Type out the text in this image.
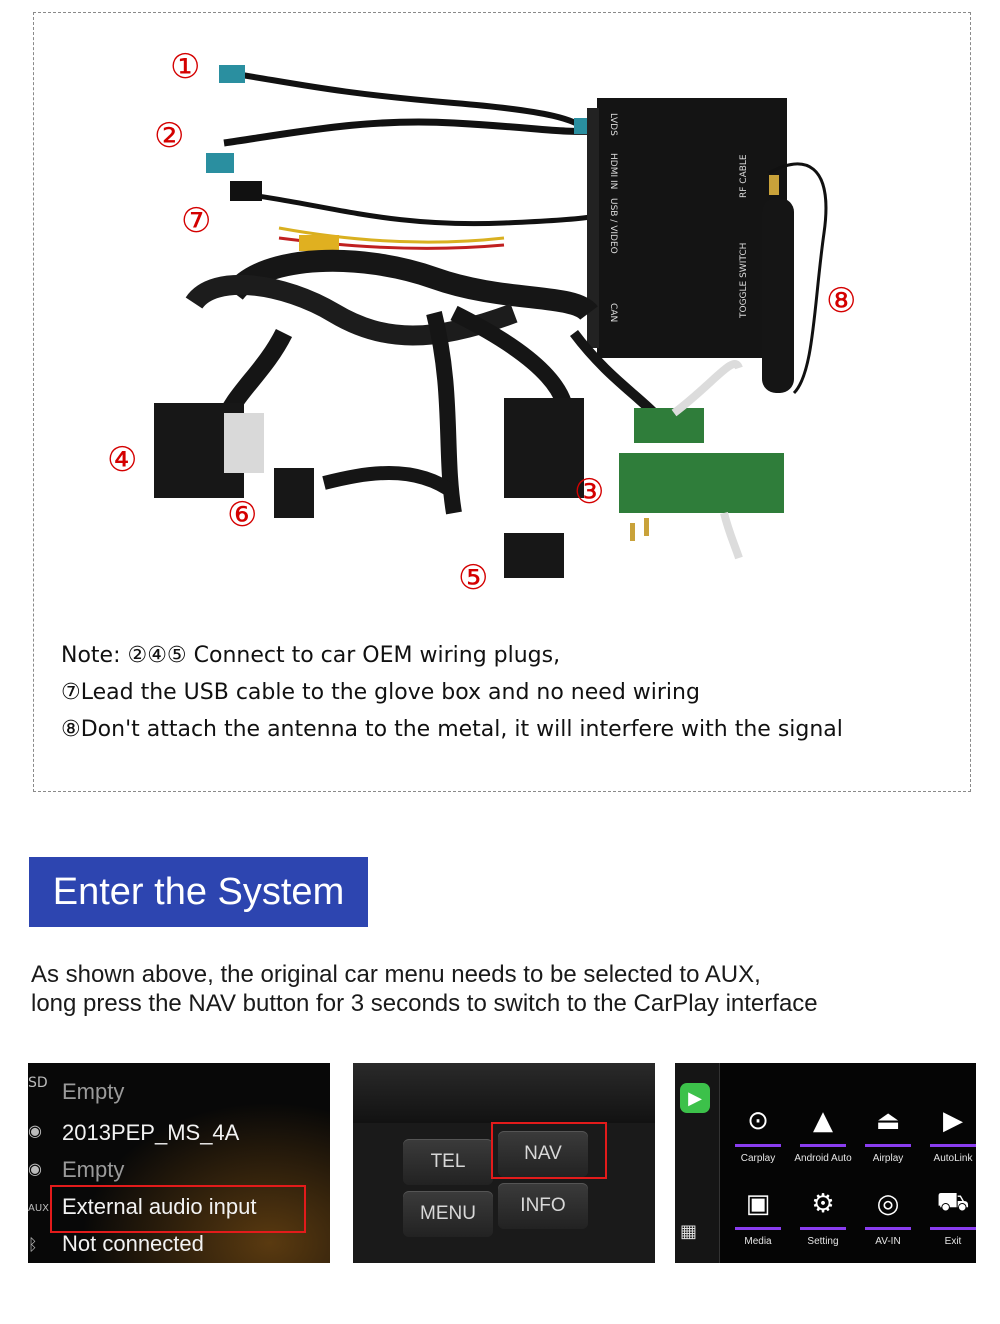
LVDS
HDMI IN
USB / VIDEO
CAN
RF CABLE
TOGGLE SWITCH
①
②
③
④
⑤
⑥
⑦
⑧
Note: ②④⑤ Connect to car OEM wiring plugs,
⑦Lead the USB cable to the glove box and no need wiring
⑧Don't attach the antenna to the metal, it will interfere with the signal
Enter the System
As shown above, the original car menu needs to be selected to AUX,
long press the NAV button for 3 seconds to switch to the CarPlay interface
SD Empty
◉ 2013PEP_MS_4A
◉ Empty
AUX External audio input
ᛒ Not connected
TEL	NAV
MENU	INFO
▶
▦
⊙
Carplay
▲
Android Auto
⏏
Airplay
▶
AutoLink
▣
Media
⚙
Setting
◎
AV-IN
⛟
Exit
